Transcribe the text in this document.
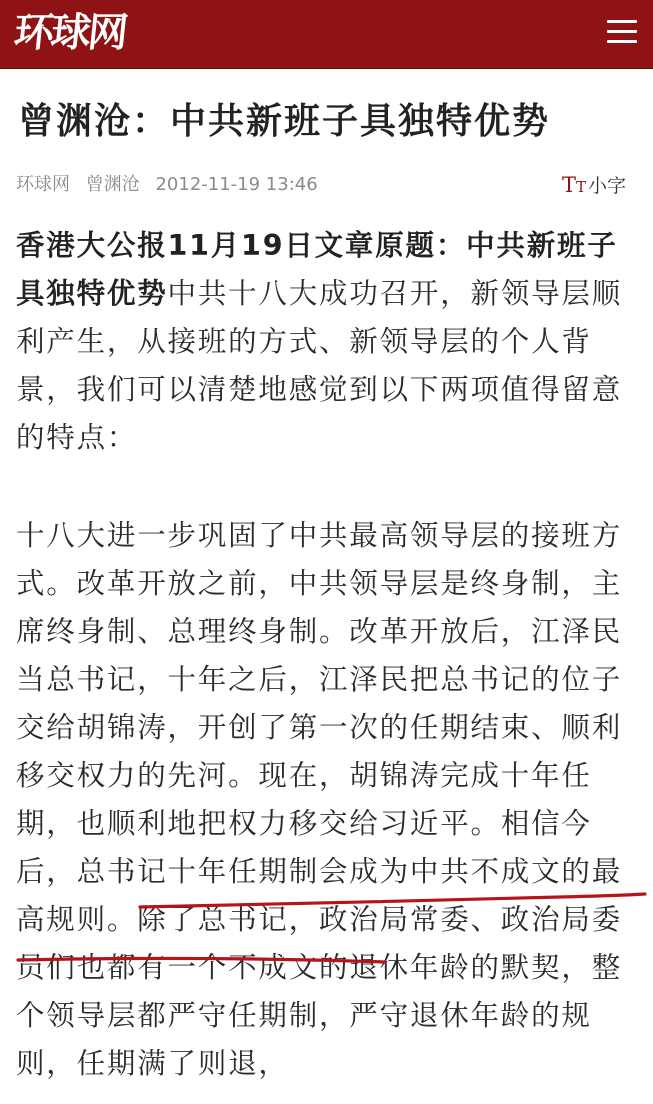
环球网
曾渊沧：中共新班子具独特优势
环球网 曾渊沧 2012-11-19 13:46	TT 小字

香港大公报11月19日文章原题：中共新班子具独特优势中共十八大成功召开，新领导层顺利产生，从接班的方式、新领导层的个人背景，我们可以清楚地感觉到以下两项值得留意的特点：

十八大进一步巩固了中共最高领导层的接班方式。改革开放之前，中共领导层是终身制，主席终身制、总理终身制。改革开放后，江泽民当总书记，十年之后，江泽民把总书记的位子交给胡锦涛，开创了第一次的任期结束、顺利移交权力的先河。现在，胡锦涛完成十年任期，也顺利地把权力移交给习近平。相信今后，总书记十年任期制会成为中共不成文的最高规则。除了总书记，政治局常委、政治局委员们也都有一个不成文的退休年龄的默契，整个领导层都严守任期制，严守退休年龄的规则，任期满了则退，
